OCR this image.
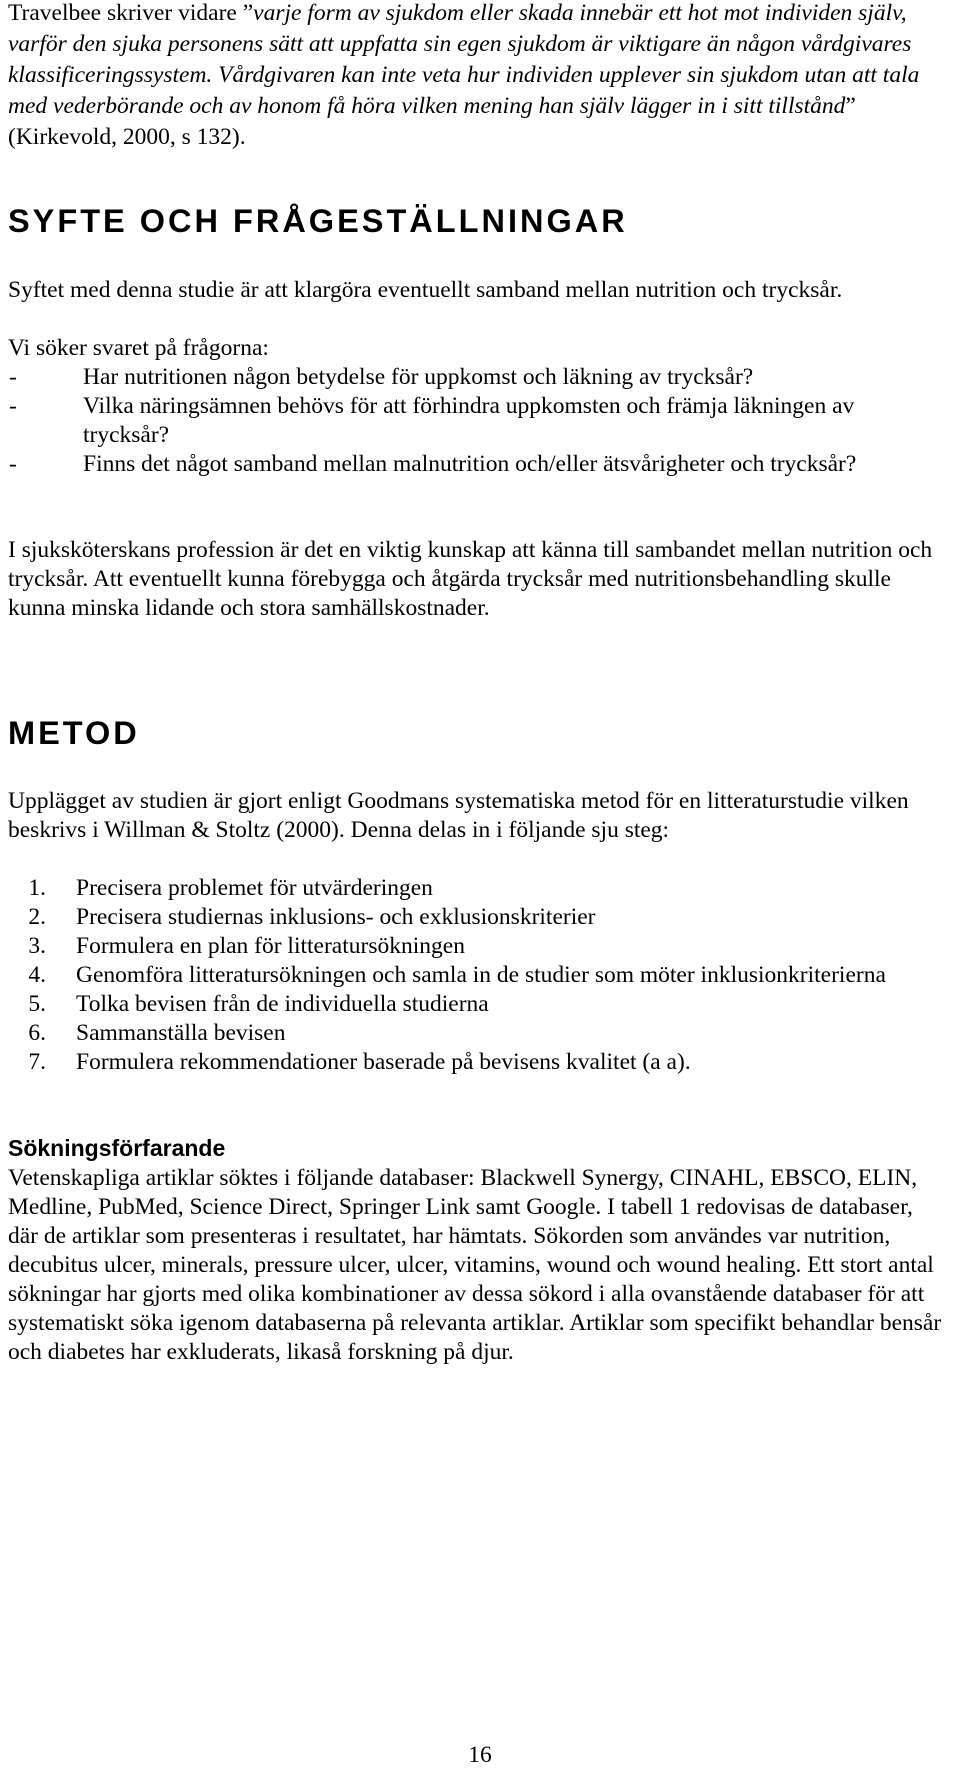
Travelbee skriver vidare ”varje form av sjukdom eller skada innebär ett hot mot individen själv, varför den sjuka personens sätt att uppfatta sin egen sjukdom är viktigare än någon vårdgivares klassificeringssystem. Vårdgivaren kan inte veta hur individen upplever sin sjukdom utan att tala med vederbörande och av honom få höra vilken mening han själv lägger in i sitt tillstånd” (Kirkevold, 2000, s 132).
SYFTE OCH FRÅGESTÄLLNINGAR

Syftet med denna studie är att klargöra eventuellt samband mellan nutrition och trycksår.

Vi söker svaret på frågorna:

-	Har nutritionen någon betydelse för uppkomst och läkning av trycksår?
-	Vilka näringsämnen behövs för att förhindra uppkomsten och främja läkningen av trycksår?
-	Finns det något samband mellan malnutrition och/eller ätsvårigheter och trycksår?

I sjuksköterskans profession är det en viktig kunskap att känna till sambandet mellan nutrition och trycksår. Att eventuellt kunna förebygga och åtgärda trycksår med nutritionsbehandling skulle kunna minska lidande och stora samhällskostnader.

METOD

Upplägget av studien är gjort enligt Goodmans systematiska metod för en litteraturstudie vilken beskrivs i Willman & Stoltz (2000). Denna delas in i följande sju steg:

1. Precisera problemet för utvärderingen
2. Precisera studiernas inklusions- och exklusionskriterier
3. Formulera en plan för litteratursökningen
4. Genomföra litteratursökningen och samla in de studier som möter inklusionkriterierna
5. Tolka bevisen från de individuella studierna
6. Sammanställa bevisen
7. Formulera rekommendationer baserade på bevisens kvalitet (a a).
Sökningsförfarande

Vetenskapliga artiklar söktes i följande databaser: Blackwell Synergy, CINAHL, EBSCO, ELIN, Medline, PubMed, Science Direct, Springer Link samt Google. I tabell 1 redovisas de databaser, där de artiklar som presenteras i resultatet, har hämtats. Sökorden som användes var nutrition, decubitus ulcer, minerals, pressure ulcer, ulcer, vitamins, wound och wound healing. Ett stort antal sökningar har gjorts med olika kombinationer av dessa sökord i alla ovanstående databaser för att systematiskt söka igenom databaserna på relevanta artiklar. Artiklar som specifikt behandlar bensår och diabetes har exkluderats, likaså forskning på djur.

16
